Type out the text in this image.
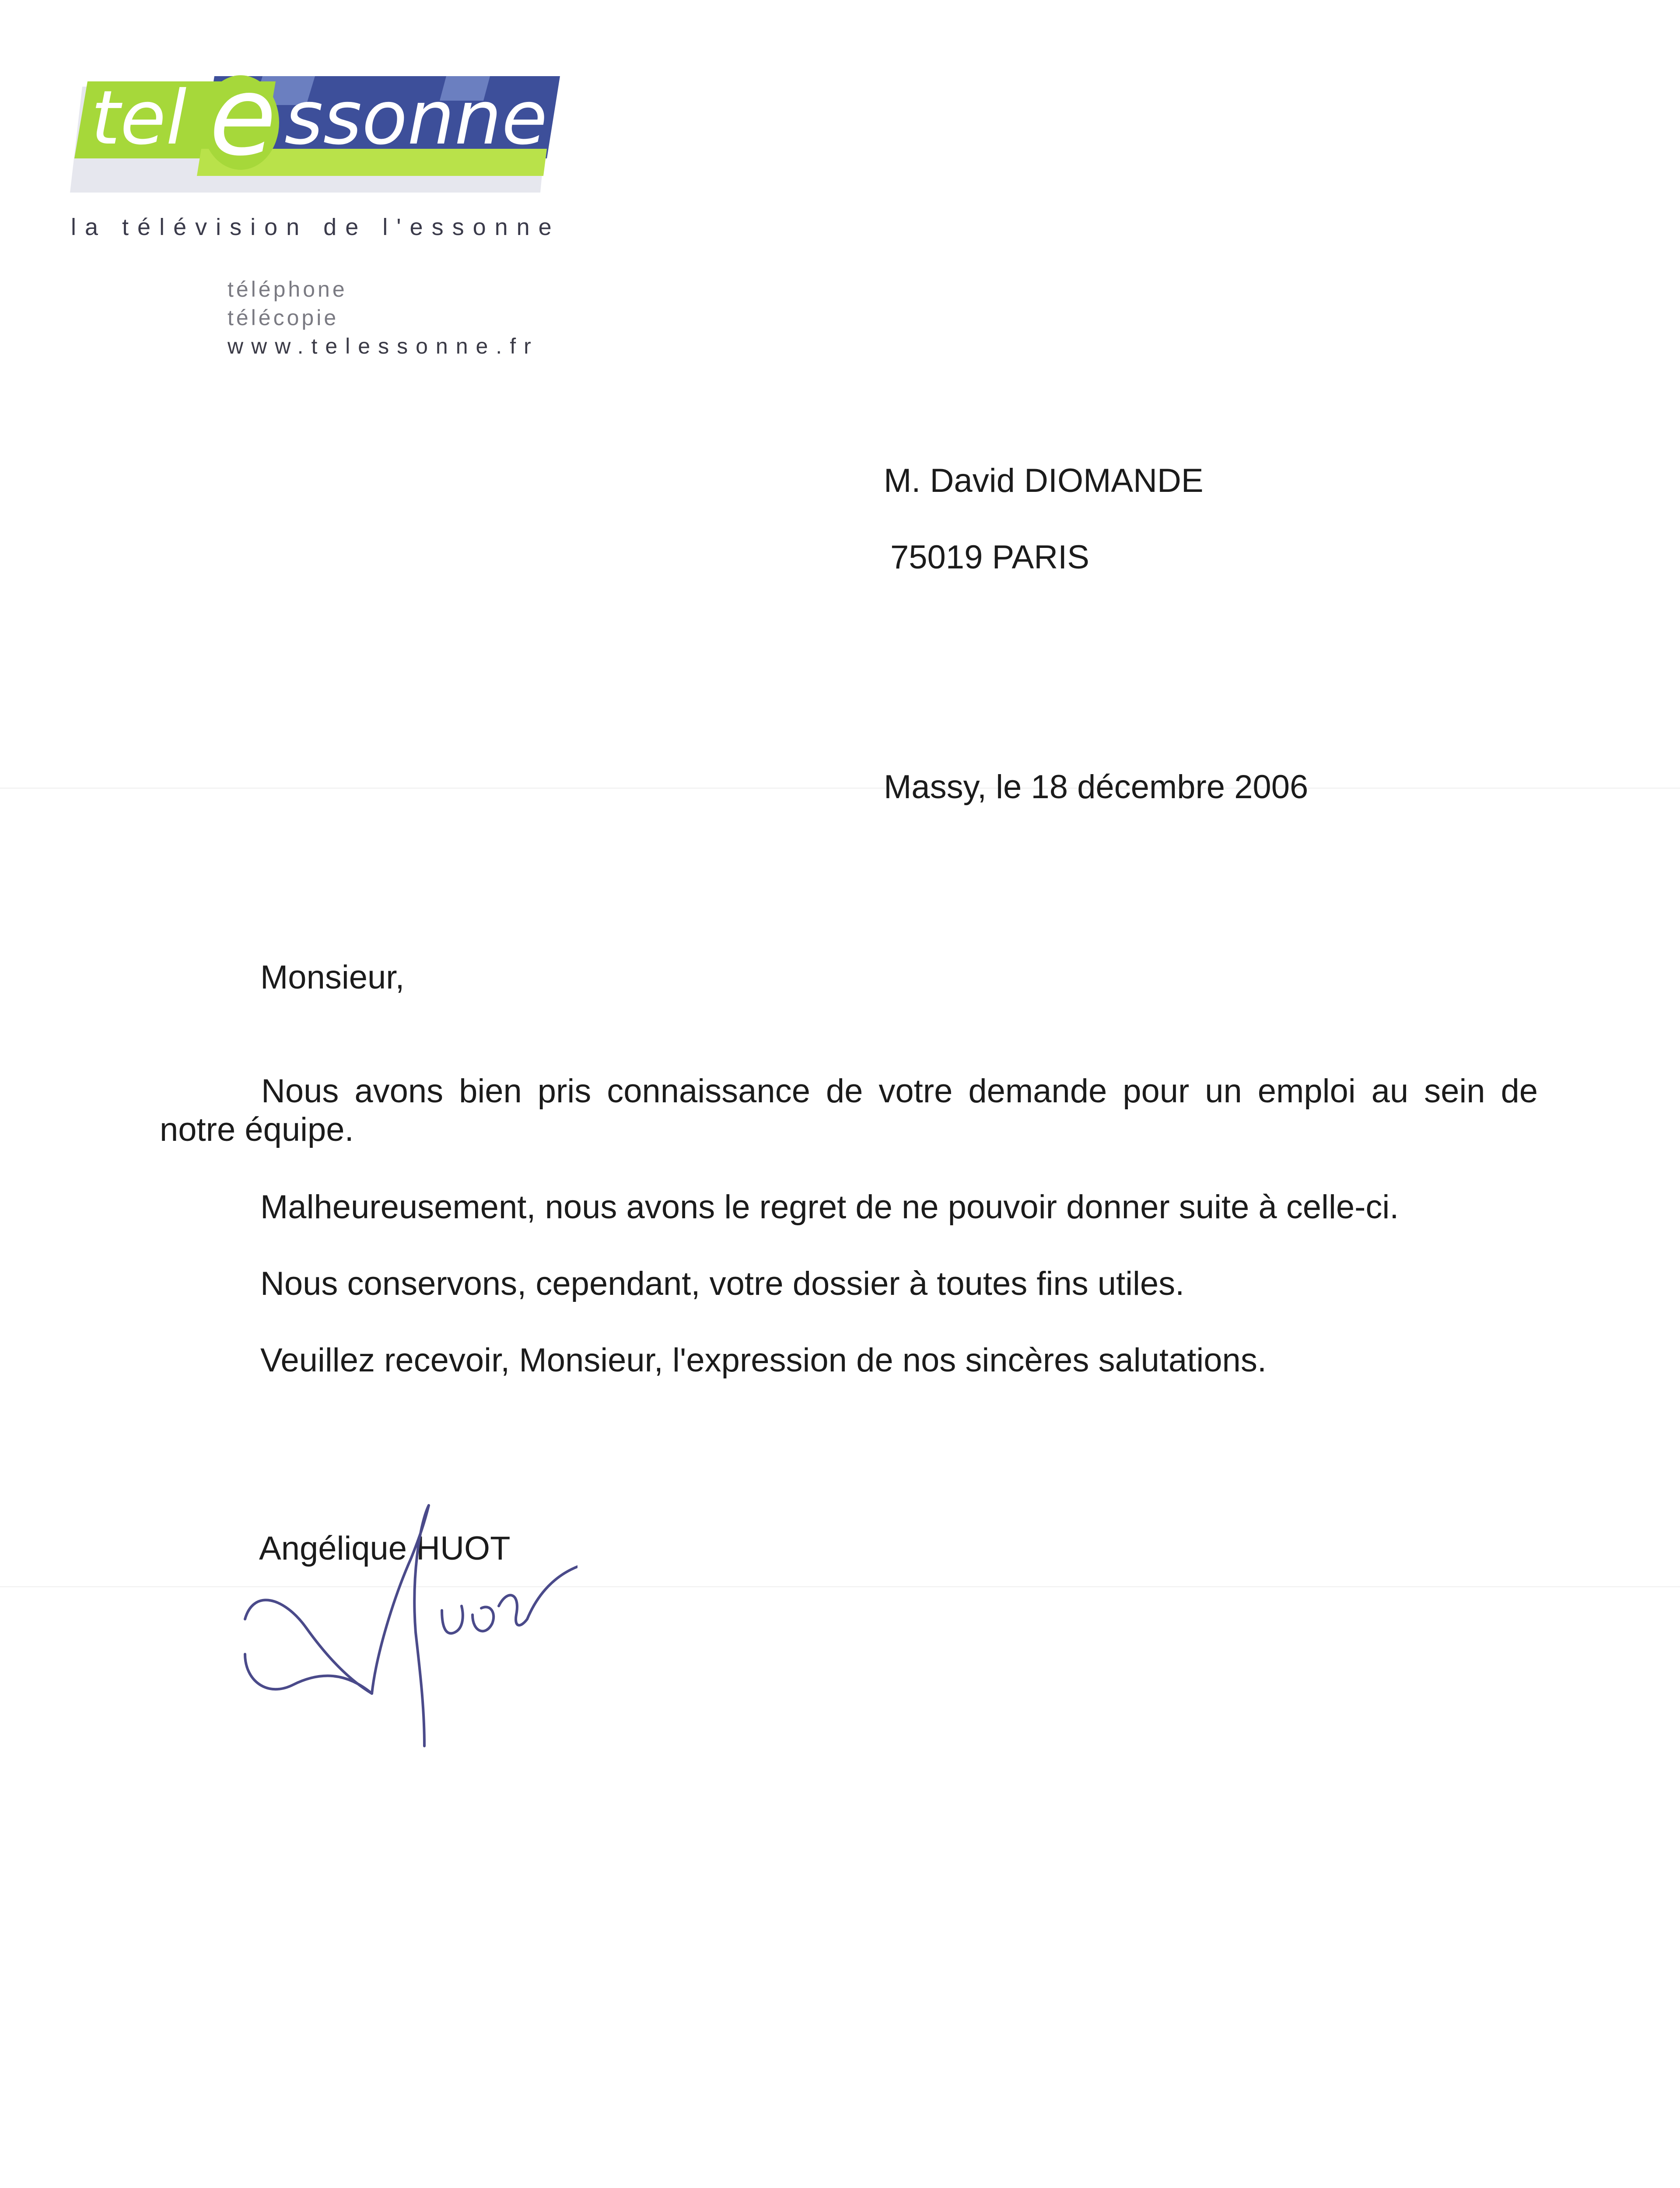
tel e ssonne
la télévision de l'essonne
téléphone
télécopie
www.telessonne.fr
M. David DIOMANDE
75019 PARIS
Massy, le 18 décembre 2006
Monsieur,
Nous avons bien pris connaissance de votre demande pour un emploi au sein de notre équipe.
Malheureusement, nous avons le regret de ne pouvoir donner suite à celle-ci.
Nous conservons, cependant, votre dossier à toutes fins utiles.
Veuillez recevoir, Monsieur, l'expression de nos sincères salutations.
Angélique HUOT
